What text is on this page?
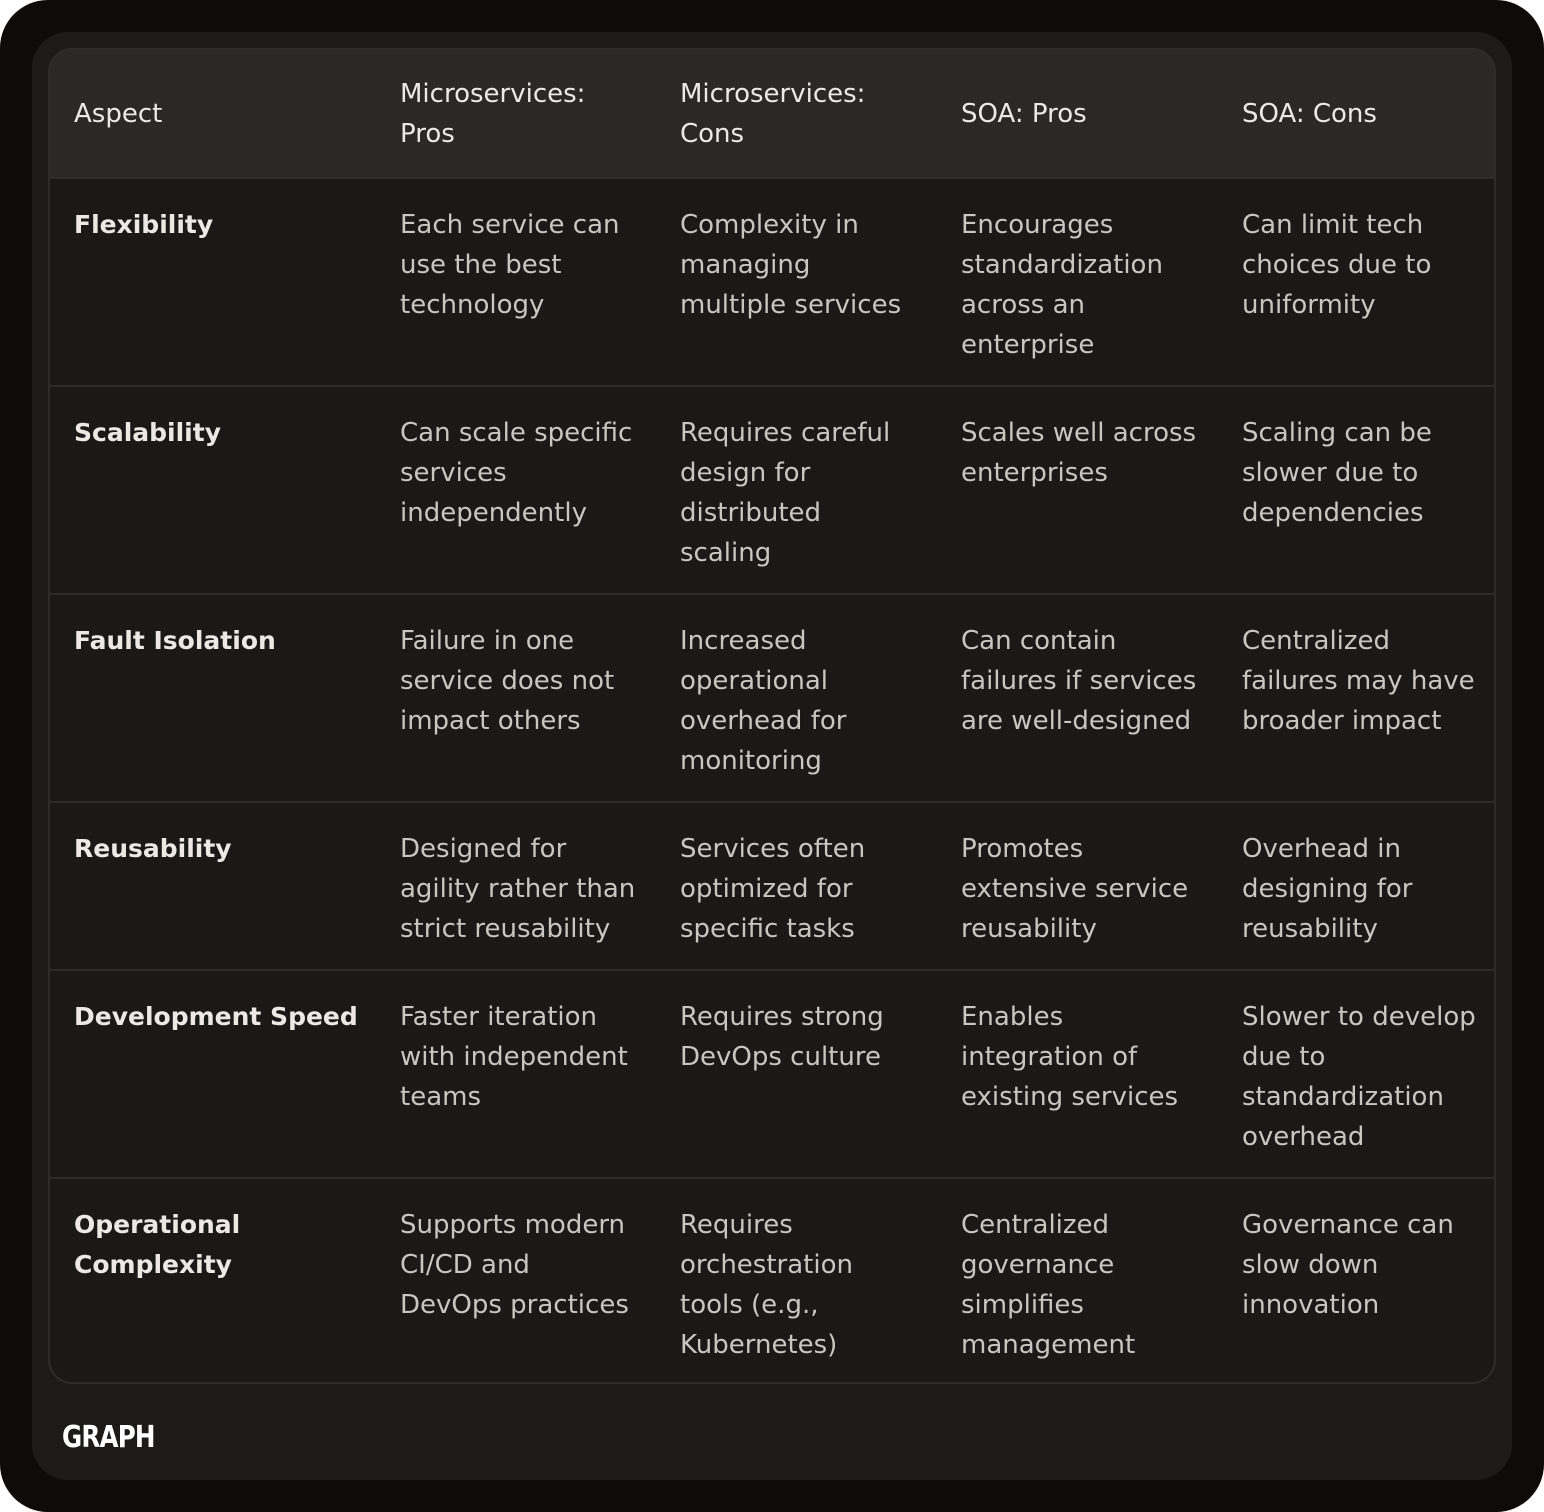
Aspect	Microservices: Pros	Microservices: Cons	SOA: Pros	SOA: Cons
Flexibility	Each service can use the best technology	Complexity in managing multiple services	Encourages standardization across an enterprise	Can limit tech choices due to uniformity
Scalability	Can scale specific services independently	Requires careful design for distributed scaling	Scales well across enterprises	Scaling can be slower due to dependencies
Fault Isolation	Failure in one service does not impact others	Increased operational overhead for monitoring	Can contain failures if services are well-designed	Centralized failures may have broader impact
Reusability	Designed for agility rather than strict reusability	Services often optimized for specific tasks	Promotes extensive service reusability	Overhead in designing for reusability
Development Speed	Faster iteration with independent teams	Requires strong DevOps culture	Enables integration of existing services	Slower to develop due to standardization overhead
Operational Complexity	Supports modern CI/CD and DevOps practices	Requires orchestration tools (e.g., Kubernetes)	Centralized governance simplifies management	Governance can slow down innovation
GRAPH
